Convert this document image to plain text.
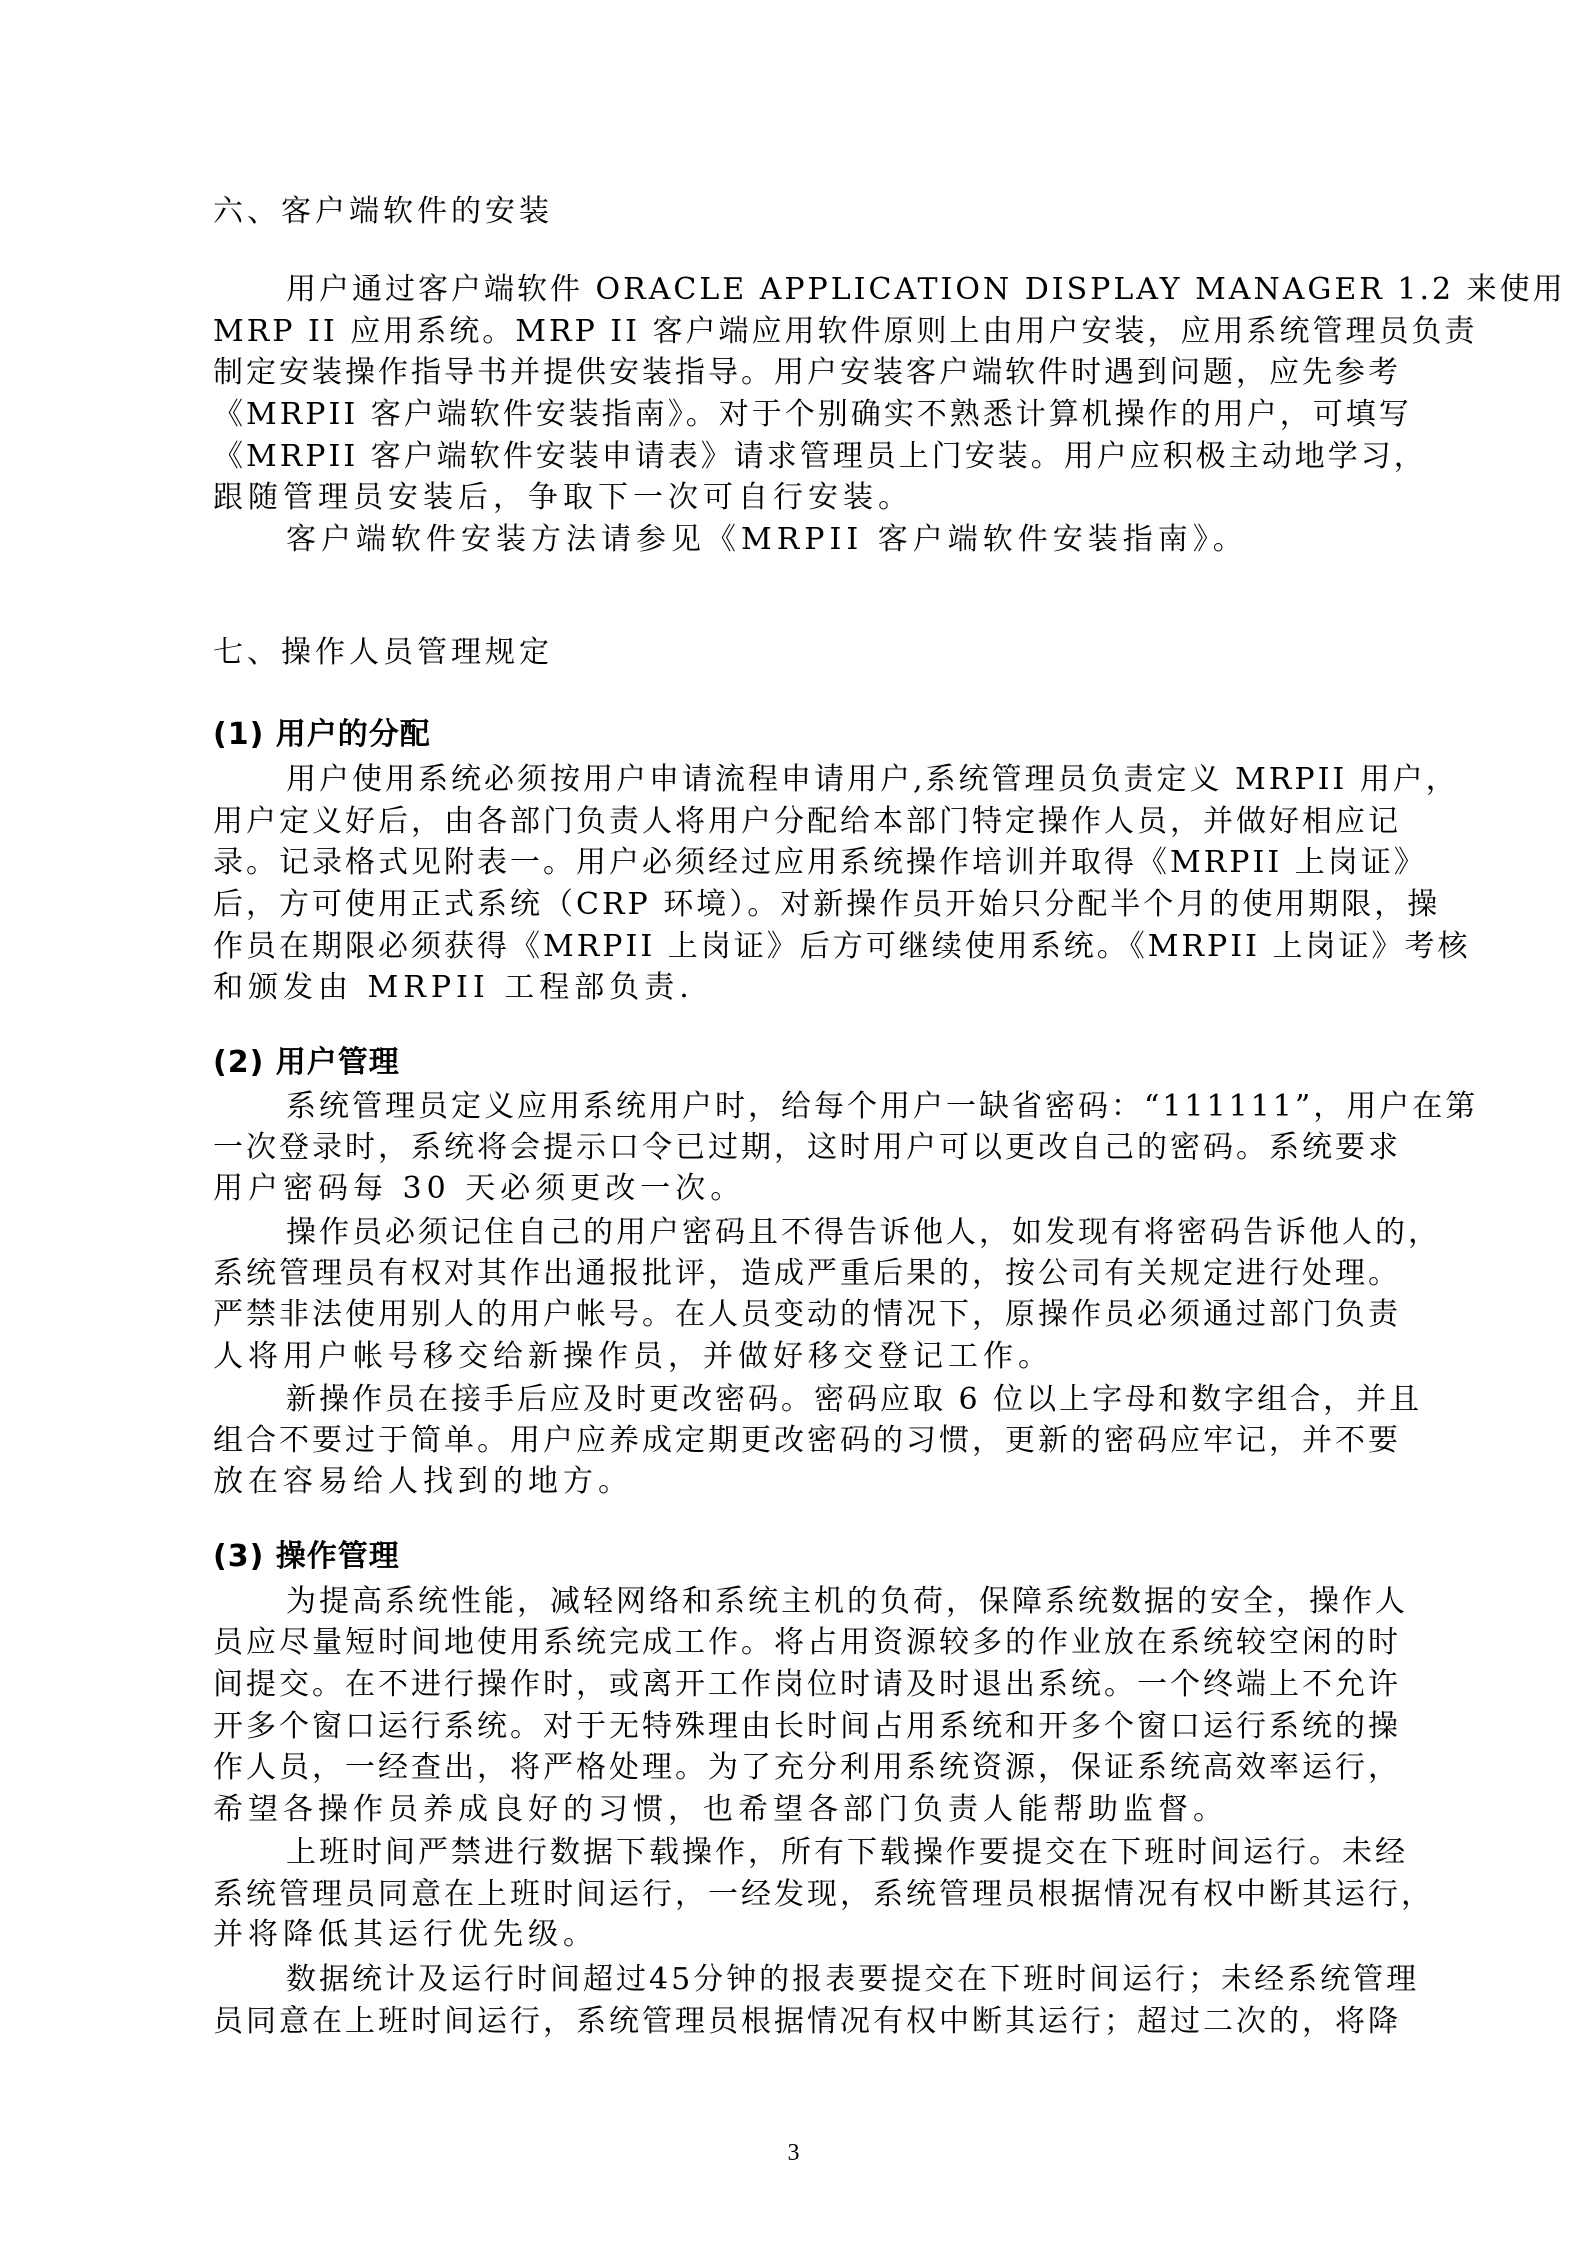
3
六、客户端软件的安装
用户通过客户端软件 ORACLE APPLICATION DISPLAY MANAGER 1.2 来使用
MRP II 应用系统。MRP II 客户端应用软件原则上由用户安装，应用系统管理员负责
制定安装操作指导书并提供安装指导。用户安装客户端软件时遇到问题，应先参考
《MRPII 客户端软件安装指南》。对于个别确实不熟悉计算机操作的用户，可填写
《MRPII 客户端软件安装申请表》请求管理员上门安装。用户应积极主动地学习，
跟随管理员安装后，争取下一次可自行安装。
客户端软件安装方法请参见《MRPII 客户端软件安装指南》。
七、操作人员管理规定
(1) 用户的分配
用户使用系统必须按用户申请流程申请用户,系统管理员负责定义 MRPII 用户，
用户定义好后，由各部门负责人将用户分配给本部门特定操作人员，并做好相应记
录。记录格式见附表一。用户必须经过应用系统操作培训并取得《MRPII 上岗证》
后，方可使用正式系统（CRP 环境）。对新操作员开始只分配半个月的使用期限，操
作员在期限必须获得《MRPII 上岗证》后方可继续使用系统。《MRPII 上岗证》考核
和颁发由 MRPII 工程部负责.
(2) 用户管理
系统管理员定义应用系统用户时，给每个用户一缺省密码：“111111”，用户在第
一次登录时，系统将会提示口令已过期，这时用户可以更改自己的密码。系统要求
用户密码每 30 天必须更改一次。
操作员必须记住自己的用户密码且不得告诉他人，如发现有将密码告诉他人的，
系统管理员有权对其作出通报批评，造成严重后果的，按公司有关规定进行处理。
严禁非法使用别人的用户帐号。在人员变动的情况下，原操作员必须通过部门负责
人将用户帐号移交给新操作员，并做好移交登记工作。
新操作员在接手后应及时更改密码。密码应取 6 位以上字母和数字组合，并且
组合不要过于简单。用户应养成定期更改密码的习惯，更新的密码应牢记，并不要
放在容易给人找到的地方。
(3) 操作管理
为提高系统性能，减轻网络和系统主机的负荷，保障系统数据的安全，操作人
员应尽量短时间地使用系统完成工作。将占用资源较多的作业放在系统较空闲的时
间提交。在不进行操作时，或离开工作岗位时请及时退出系统。一个终端上不允许
开多个窗口运行系统。对于无特殊理由长时间占用系统和开多个窗口运行系统的操
作人员，一经查出，将严格处理。为了充分利用系统资源，保证系统高效率运行，
希望各操作员养成良好的习惯，也希望各部门负责人能帮助监督。
上班时间严禁进行数据下载操作，所有下载操作要提交在下班时间运行。未经
系统管理员同意在上班时间运行，一经发现，系统管理员根据情况有权中断其运行，
并将降低其运行优先级。
数据统计及运行时间超过45分钟的报表要提交在下班时间运行；未经系统管理
员同意在上班时间运行，系统管理员根据情况有权中断其运行；超过二次的，将降
